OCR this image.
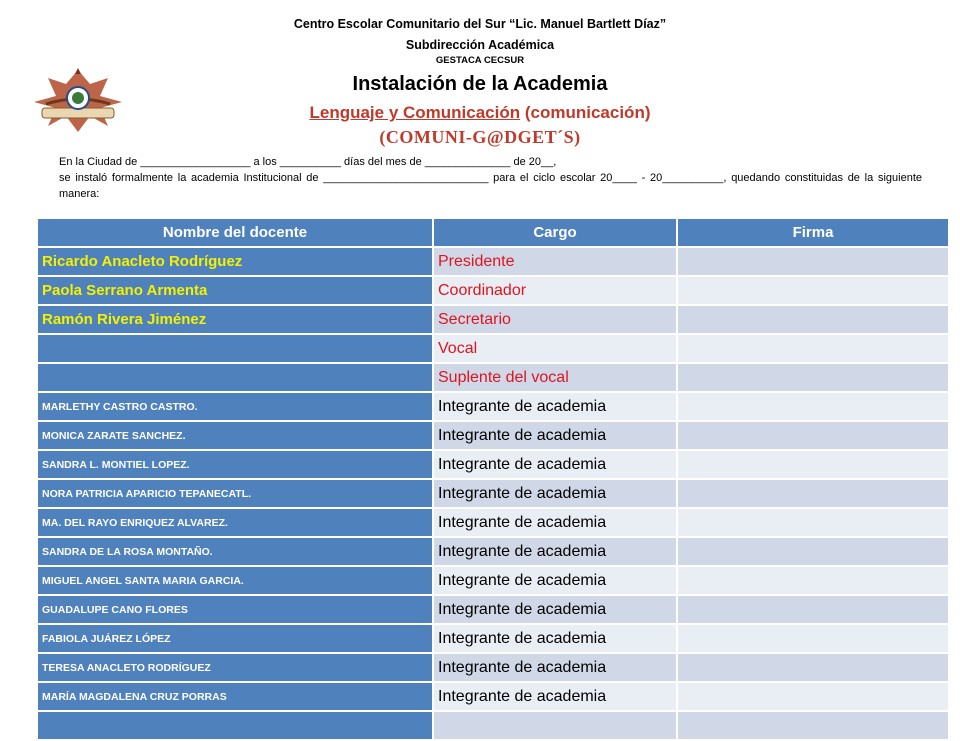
Centro Escolar Comunitario del Sur “Lic. Manuel Bartlett Díaz”
Subdirección Académica
GESTACA CECSUR
Instalación de la Academia
Lenguaje y Comunicación (comunicación)
(COMUNI-G@DGET´S)

En la Ciudad de __________________ a los __________ días del mes de ______________ de 20__,

se instaló formalmente la academia Institucional de ___________________________ para el ciclo escolar 20____ - 20__________, quedando constituidas de la siguiente manera:

Nombre del docente	Cargo	Firma
Ricardo Anacleto Rodríguez	Presidente	
Paola Serrano Armenta	Coordinador	
Ramón Rivera Jiménez	Secretario	
	Vocal	
	Suplente del vocal	
MARLETHY CASTRO CASTRO.	Integrante de academia	
MONICA ZARATE SANCHEZ.	Integrante de academia	
SANDRA L. MONTIEL LOPEZ.	Integrante de academia	
NORA PATRICIA APARICIO TEPANECATL.	Integrante de academia	
MA. DEL RAYO ENRIQUEZ ALVAREZ.	Integrante de academia	
SANDRA DE LA ROSA MONTAÑO.	Integrante de academia	
MIGUEL ANGEL SANTA MARIA GARCIA.	Integrante de academia	
GUADALUPE CANO FLORES	Integrante de academia	
FABIOLA JUÁREZ LÓPEZ	Integrante de academia	
TERESA ANACLETO RODRÍGUEZ	Integrante de academia	
MARÍA MAGDALENA CRUZ PORRAS	Integrante de academia	
